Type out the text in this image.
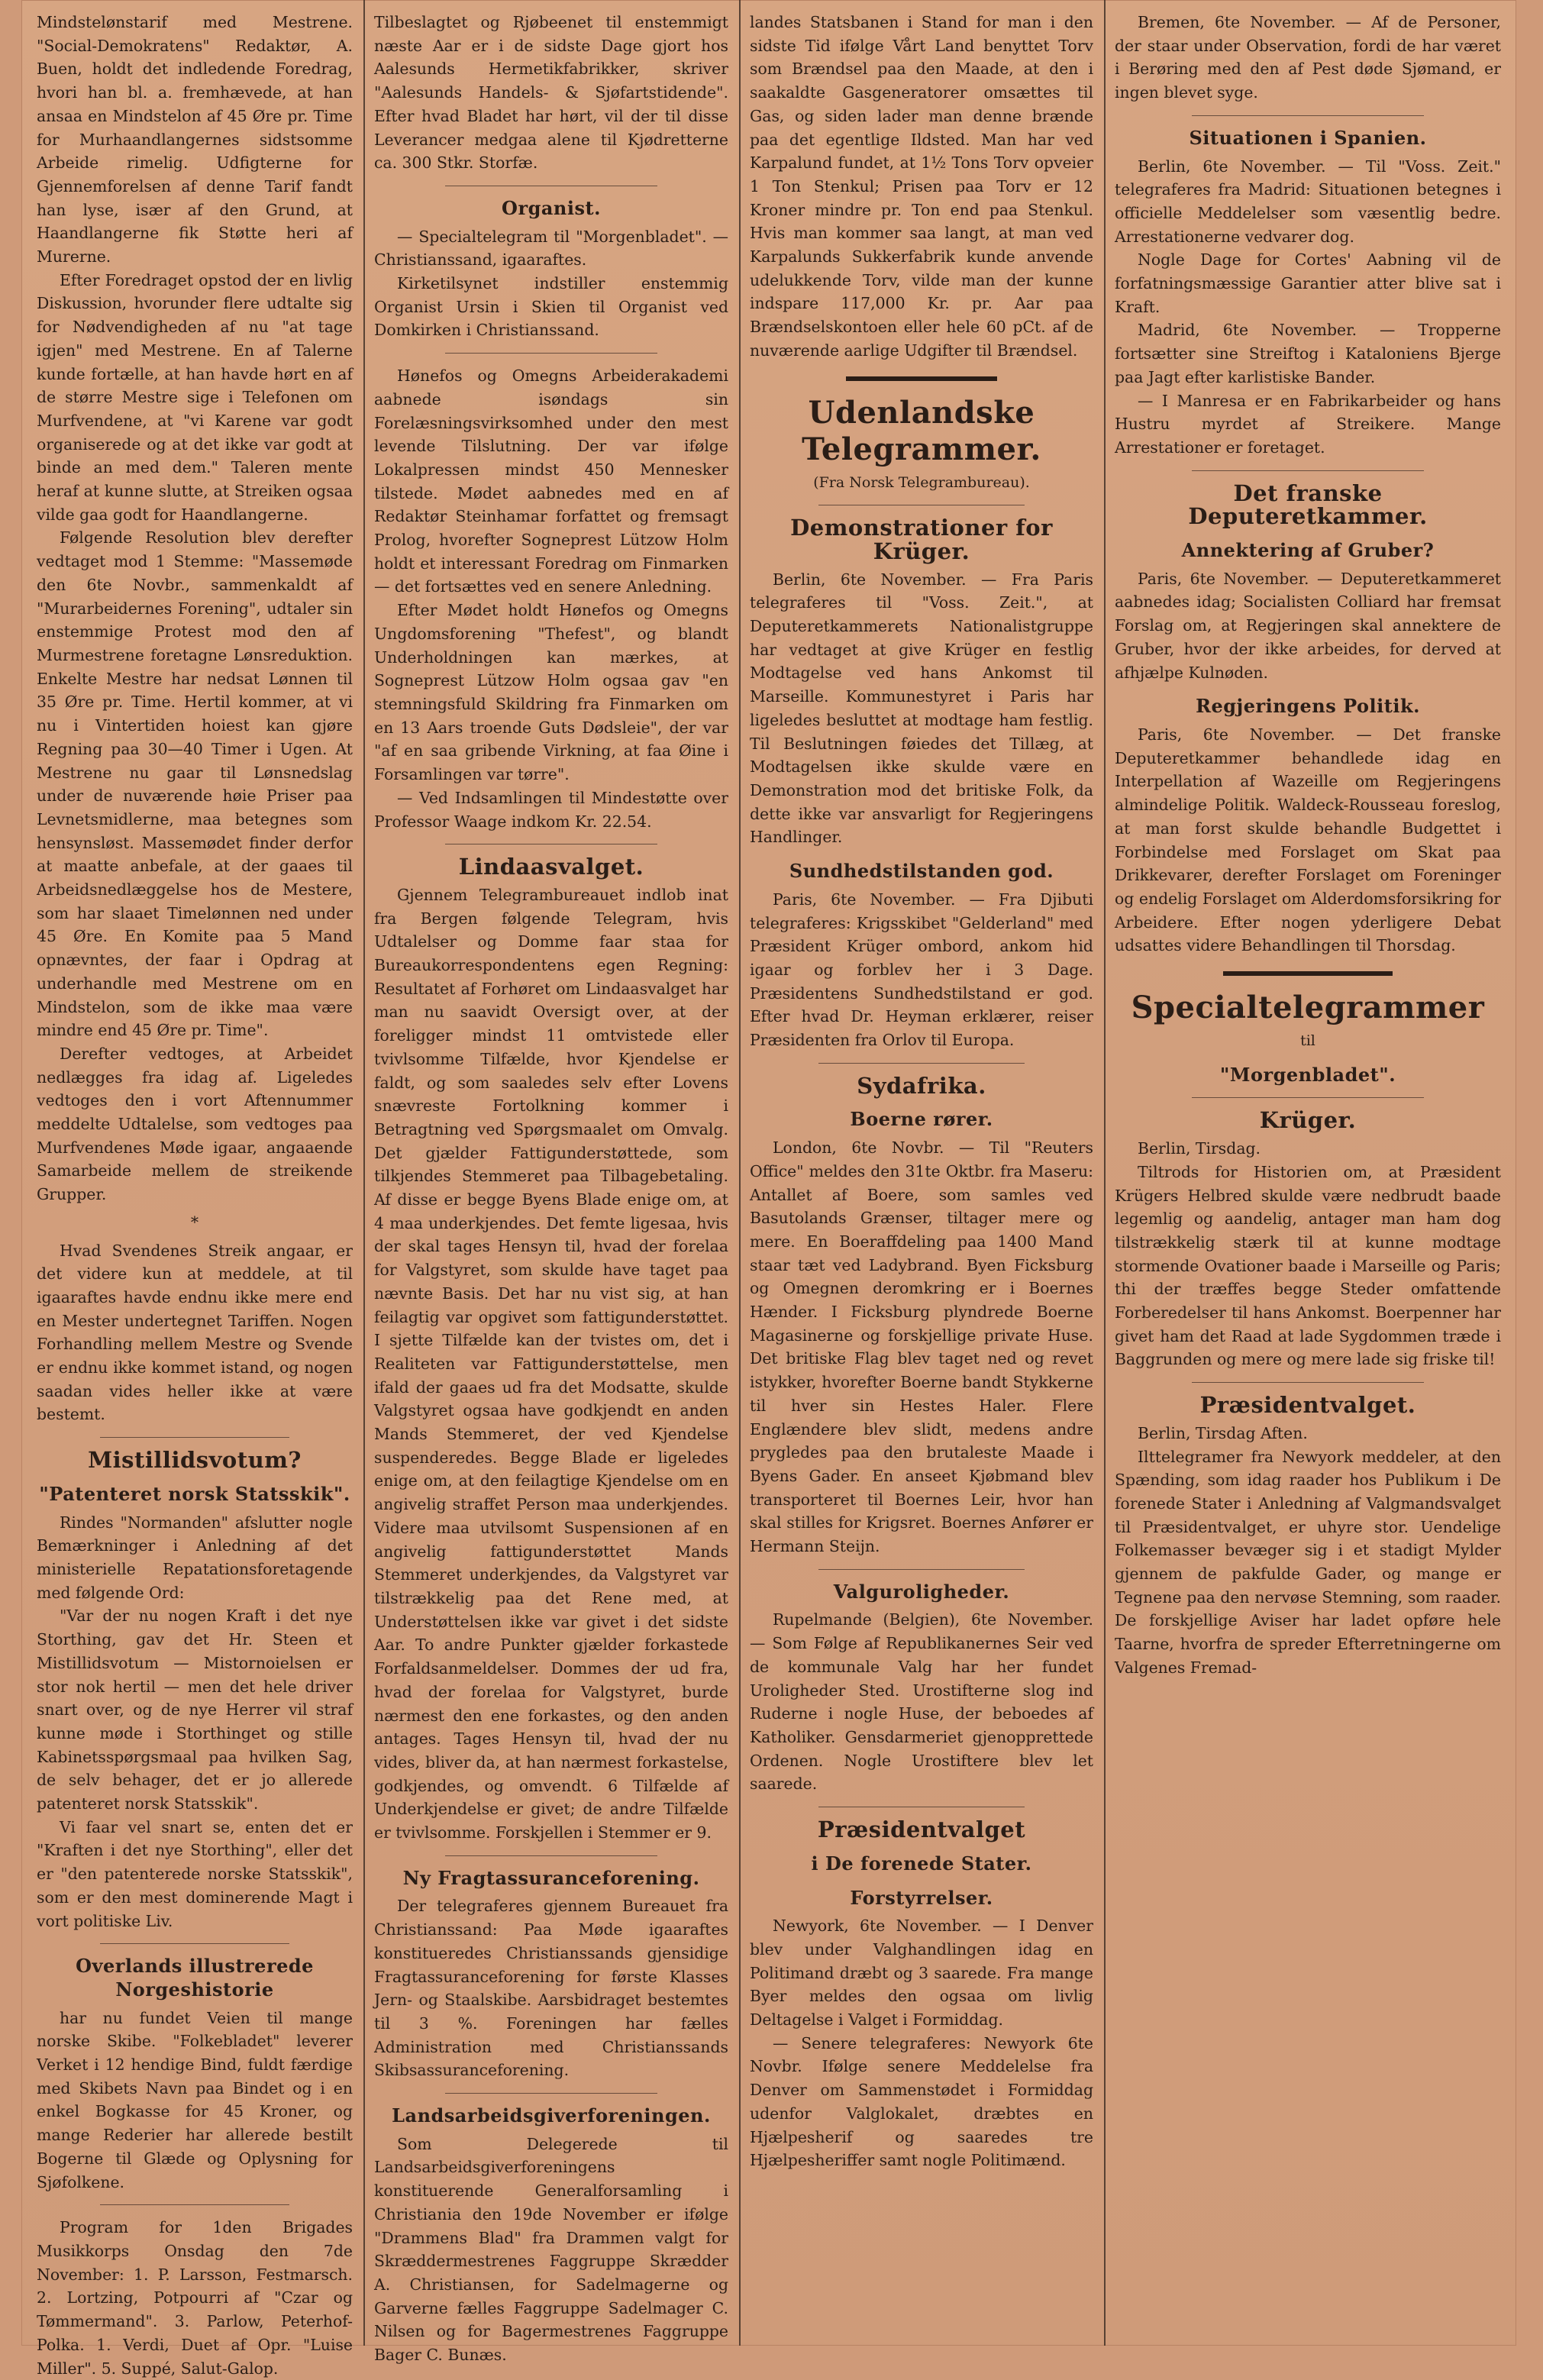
Mindstelønstarif med Mestrene. "Social-Demokratens" Redaktør, A. Buen, holdt det indledende Foredrag, hvori han bl. a. fremhævede, at han ansaa en Mindstelon af 45 Øre pr. Time for Murhaandlangernes sidstsomme Arbeide rimelig. Udfigterne for Gjennemforelsen af denne Tarif fandt han lyse, især af den Grund, at Haandlangerne fik Støtte heri af Murerne.
Efter Foredraget opstod der en livlig Diskussion, hvorunder flere udtalte sig for Nødvendigheden af nu "at tage igjen" med Mestrene. En af Talerne kunde fortælle, at han havde hørt en af de større Mestre sige i Telefonen om Murfvendene, at "vi Karene var godt organiserede og at det ikke var godt at binde an med dem." Taleren mente heraf at kunne slutte, at Streiken ogsaa vilde gaa godt for Haandlangerne.
Følgende Resolution blev derefter vedtaget mod 1 Stemme: "Massemøde den 6te Novbr., sammenkaldt af "Murarbeidernes Forening", udtaler sin enstemmige Protest mod den af Murmestrene foretagne Lønsreduktion. Enkelte Mestre har nedsat Lønnen til 35 Øre pr. Time. Hertil kommer, at vi nu i Vintertiden hoiest kan gjøre Regning paa 30—40 Timer i Ugen. At Mestrene nu gaar til Lønsnedslag under de nuværende høie Priser paa Levnetsmidlerne, maa betegnes som hensynsløst. Massemødet finder derfor at maatte anbefale, at der gaaes til Arbeidsnedlæggelse hos de Mestere, som har slaaet Timelønnen ned under 45 Øre. En Komite paa 5 Mand opnævntes, der faar i Opdrag at underhandle med Mestrene om en Mindstelon, som de ikke maa være mindre end 45 Øre pr. Time".
Derefter vedtoges, at Arbeidet nedlægges fra idag af. Ligeledes vedtoges den i vort Aftennummer meddelte Udtalelse, som vedtoges paa Murfvendenes Møde igaar, angaaende Samarbeide mellem de streikende Grupper.
*
Hvad Svendenes Streik angaar, er det videre kun at meddele, at til igaaraftes havde endnu ikke mere end en Mester undertegnet Tariffen. Nogen Forhandling mellem Mestre og Svende er endnu ikke kommet istand, og nogen saadan vides heller ikke at være bestemt.
Mistillidsvotum?
"Patenteret norsk Statsskik".
Rindes "Normanden" afslutter nogle Bemærkninger i Anledning af det ministerielle Repatationsforetagende med følgende Ord:
"Var der nu nogen Kraft i det nye Storthing, gav det Hr. Steen et Mistillidsvotum — Mistornoielsen er stor nok hertil — men det hele driver snart over, og de nye Herrer vil straf kunne møde i Storthinget og stille Kabinetsspørgsmaal paa hvilken Sag, de selv behager, det er jo allerede patenteret norsk Statsskik".
Vi faar vel snart se, enten det er "Kraften i det nye Storthing", eller det er "den patenterede norske Statsskik", som er den mest dominerende Magt i vort politiske Liv.
Overlands illustrerede Norgeshistorie
har nu fundet Veien til mange norske Skibe. "Folkebladet" leverer Verket i 12 hendige Bind, fuldt færdige med Skibets Navn paa Bindet og i en enkel Bogkasse for 45 Kroner, og mange Rederier har allerede bestilt Bogerne til Glæde og Oplysning for Sjøfolkene.
Program for 1den Brigades Musikkorps Onsdag den 7de November: 1. P. Larsson, Festmarsch. 2. Lortzing, Potpourri af "Czar og Tømmermand". 3. Parlow, Peterhof-Polka. 1. Verdi, Duet af Opr. "Luise Miller". 5. Suppé, Salut-Galop.
Tilbeslagtet og Rjøbeenet til enstemmigt næste Aar er i de sidste Dage gjort hos Aalesunds Hermetikfabrikker, skriver "Aalesunds Handels- & Sjøfartstidende". Efter hvad Bladet har hørt, vil der til disse Leverancer medgaa alene til Kjødretterne ca. 300 Stkr. Storfæ.
Organist.
— Specialtelegram til "Morgenbladet". — Christianssand, igaaraftes.
Kirketilsynet indstiller enstemmig Organist Ursin i Skien til Organist ved Domkirken i Christianssand.
Hønefos og Omegns Arbeiderakademi aabnede isøndags sin Forelæsningsvirksomhed under den mest levende Tilslutning. Der var ifølge Lokalpressen mindst 450 Mennesker tilstede. Mødet aabnedes med en af Redaktør Steinhamar forfattet og fremsagt Prolog, hvorefter Sogneprest Lützow Holm holdt et interessant Foredrag om Finmarken — det fortsættes ved en senere Anledning.
Efter Mødet holdt Hønefos og Omegns Ungdomsforening "Thefest", og blandt Underholdningen kan mærkes, at Sogneprest Lützow Holm ogsaa gav "en stemningsfuld Skildring fra Finmarken om en 13 Aars troende Guts Dødsleie", der var "af en saa gribende Virkning, at faa Øine i Forsamlingen var tørre".
— Ved Indsamlingen til Mindestøtte over Professor Waage indkom Kr. 22.54.
Lindaasvalget.
Gjennem Telegrambureauet indlob inat fra Bergen følgende Telegram, hvis Udtalelser og Domme faar staa for Bureaukorrespondentens egen Regning: Resultatet af Forhøret om Lindaasvalget har man nu saavidt Oversigt over, at der foreligger mindst 11 omtvistede eller tvivlsomme Tilfælde, hvor Kjendelse er faldt, og som saaledes selv efter Lovens snævreste Fortolkning kommer i Betragtning ved Spørgsmaalet om Omvalg. Det gjælder Fattigunderstøttede, som tilkjendes Stemmeret paa Tilbagebetaling. Af disse er begge Byens Blade enige om, at 4 maa underkjendes. Det femte ligesaa, hvis der skal tages Hensyn til, hvad der forelaa for Valgstyret, som skulde have taget paa nævnte Basis. Det har nu vist sig, at han feilagtig var opgivet som fattigunderstøttet. I sjette Tilfælde kan der tvistes om, det i Realiteten var Fattigunderstøttelse, men ifald der gaaes ud fra det Modsatte, skulde Valgstyret ogsaa have godkjendt en anden Mands Stemmeret, der ved Kjendelse suspenderedes. Begge Blade er ligeledes enige om, at den feilagtige Kjendelse om en angivelig straffet Person maa underkjendes. Videre maa utvilsomt Suspensionen af en angivelig fattigunderstøttet Mands Stemmeret underkjendes, da Valgstyret var tilstrækkelig paa det Rene med, at Understøttelsen ikke var givet i det sidste Aar. To andre Punkter gjælder forkastede Forfaldsanmeldelser. Dommes der ud fra, hvad der forelaa for Valgstyret, burde nærmest den ene forkastes, og den anden antages. Tages Hensyn til, hvad der nu vides, bliver da, at han nærmest forkastelse, godkjendes, og omvendt. 6 Tilfælde af Underkjendelse er givet; de andre Tilfælde er tvivlsomme. Forskjellen i Stemmer er 9.
Ny Fragtassuranceforening.
Der telegraferes gjennem Bureauet fra Christianssand: Paa Møde igaaraftes konstitueredes Christianssands gjensidige Fragtassuranceforening for første Klasses Jern- og Staalskibe. Aarsbidraget bestemtes til 3 %. Foreningen har fælles Administration med Christianssands Skibsassuranceforening.
Landsarbeidsgiverforeningen.
Som Delegerede til Landsarbeidsgiverforeningens konstituerende Generalforsamling i Christiania den 19de November er ifølge "Drammens Blad" fra Drammen valgt for Skræddermestrenes Faggruppe Skrædder A. Christiansen, for Sadelmagerne og Garverne fælles Faggruppe Sadelmager C. Nilsen og for Bagermestrenes Faggruppe Bager C. Bunæs.
landes Statsbanen i Stand for man i den sidste Tid ifølge Vårt Land benyttet Torv som Brændsel paa den Maade, at den i saakaldte Gasgeneratorer omsættes til Gas, og siden lader man denne brænde paa det egentlige Ildsted. Man har ved Karpalund fundet, at 1½ Tons Torv opveier 1 Ton Stenkul; Prisen paa Torv er 12 Kroner mindre pr. Ton end paa Stenkul. Hvis man kommer saa langt, at man ved Karpalunds Sukkerfabrik kunde anvende udelukkende Torv, vilde man der kunne indspare 117,000 Kr. pr. Aar paa Brændselskontoen eller hele 60 pCt. af de nuværende aarlige Udgifter til Brændsel.
Udenlandske Telegrammer.
(Fra Norsk Telegrambureau).
Demonstrationer for Krüger.
Berlin, 6te November. — Fra Paris telegraferes til "Voss. Zeit.", at Deputeretkammerets Nationalistgruppe har vedtaget at give Krüger en festlig Modtagelse ved hans Ankomst til Marseille. Kommunestyret i Paris har ligeledes besluttet at modtage ham festlig. Til Beslutningen føiedes det Tillæg, at Modtagelsen ikke skulde være en Demonstration mod det britiske Folk, da dette ikke var ansvarligt for Regjeringens Handlinger.
Sundhedstilstanden god.
Paris, 6te November. — Fra Djibuti telegraferes: Krigsskibet "Gelderland" med Præsident Krüger ombord, ankom hid igaar og forblev her i 3 Dage. Præsidentens Sundhedstilstand er god. Efter hvad Dr. Heyman erklærer, reiser Præsidenten fra Orlov til Europa.
Sydafrika.
Boerne rører.
London, 6te Novbr. — Til "Reuters Office" meldes den 31te Oktbr. fra Maseru: Antallet af Boere, som samles ved Basutolands Grænser, tiltager mere og mere. En Boeraffdeling paa 1400 Mand staar tæt ved Ladybrand. Byen Ficksburg og Omegnen deromkring er i Boernes Hænder. I Ficksburg plyndrede Boerne Magasinerne og forskjellige private Huse. Det britiske Flag blev taget ned og revet istykker, hvorefter Boerne bandt Stykkerne til hver sin Hestes Haler. Flere Englændere blev slidt, medens andre prygledes paa den brutaleste Maade i Byens Gader. En anseet Kjøbmand blev transporteret til Boernes Leir, hvor han skal stilles for Krigsret. Boernes Anfører er Hermann Steijn.
Valguroligheder.
Rupelmande (Belgien), 6te November. — Som Følge af Republikanernes Seir ved de kommunale Valg har her fundet Uroligheder Sted. Urostifterne slog ind Ruderne i nogle Huse, der beboedes af Katholiker. Gensdarmeriet gjenopprettede Ordenen. Nogle Urostiftere blev let saarede.
Præsidentvalget
i De forenede Stater.
Forstyrrelser.
Newyork, 6te November. — I Denver blev under Valghandlingen idag en Politimand dræbt og 3 saarede. Fra mange Byer meldes den ogsaa om livlig Deltagelse i Valget i Formiddag.
— Senere telegraferes: Newyork 6te Novbr. Ifølge senere Meddelelse fra Denver om Sammenstødet i Formiddag udenfor Valglokalet, dræbtes en Hjælpesherif og saaredes tre Hjælpesheriffer samt nogle Politimænd.
Bremen, 6te November. — Af de Personer, der staar under Observation, fordi de har været i Berøring med den af Pest døde Sjømand, er ingen blevet syge.
Situationen i Spanien.
Berlin, 6te November. — Til "Voss. Zeit." telegraferes fra Madrid: Situationen betegnes i officielle Meddelelser som væsentlig bedre. Arrestationerne vedvarer dog.
Nogle Dage for Cortes' Aabning vil de forfatningsmæssige Garantier atter blive sat i Kraft.
Madrid, 6te November. — Tropperne fortsætter sine Streiftog i Kataloniens Bjerge paa Jagt efter karlistiske Bander.
— I Manresa er en Fabrikarbeider og hans Hustru myrdet af Streikere. Mange Arrestationer er foretaget.
Det franske Deputeretkammer.
Annektering af Gruber?
Paris, 6te November. — Deputeretkammeret aabnedes idag; Socialisten Colliard har fremsat Forslag om, at Regjeringen skal annektere de Gruber, hvor der ikke arbeides, for derved at afhjælpe Kulnøden.
Regjeringens Politik.
Paris, 6te November. — Det franske Deputeretkammer behandlede idag en Interpellation af Wazeille om Regjeringens almindelige Politik. Waldeck-Rousseau foreslog, at man forst skulde behandle Budgettet i Forbindelse med Forslaget om Skat paa Drikkevarer, derefter Forslaget om Foreninger og endelig Forslaget om Alderdomsforsikring for Arbeidere. Efter nogen yderligere Debat udsattes videre Behandlingen til Thorsdag.
Specialtelegrammer
til
"Morgenbladet".
Krüger.
Berlin, Tirsdag.
Tiltrods for Historien om, at Præsident Krügers Helbred skulde være nedbrudt baade legemlig og aandelig, antager man ham dog tilstrækkelig stærk til at kunne modtage stormende Ovationer baade i Marseille og Paris; thi der træffes begge Steder omfattende Forberedelser til hans Ankomst. Boerpenner har givet ham det Raad at lade Sygdommen træde i Baggrunden og mere og mere lade sig friske til!
Præsidentvalget.
Berlin, Tirsdag Aften.
Ilttelegramer fra Newyork meddeler, at den Spænding, som idag raader hos Publikum i De forenede Stater i Anledning af Valgmandsvalget til Præsidentvalget, er uhyre stor. Uendelige Folkemasser bevæger sig i et stadigt Mylder gjennem de pakfulde Gader, og mange er Tegnene paa den nervøse Stemning, som raader. De forskjellige Aviser har ladet opføre hele Taarne, hvorfra de spreder Efterretningerne om Valgenes Fremad-
